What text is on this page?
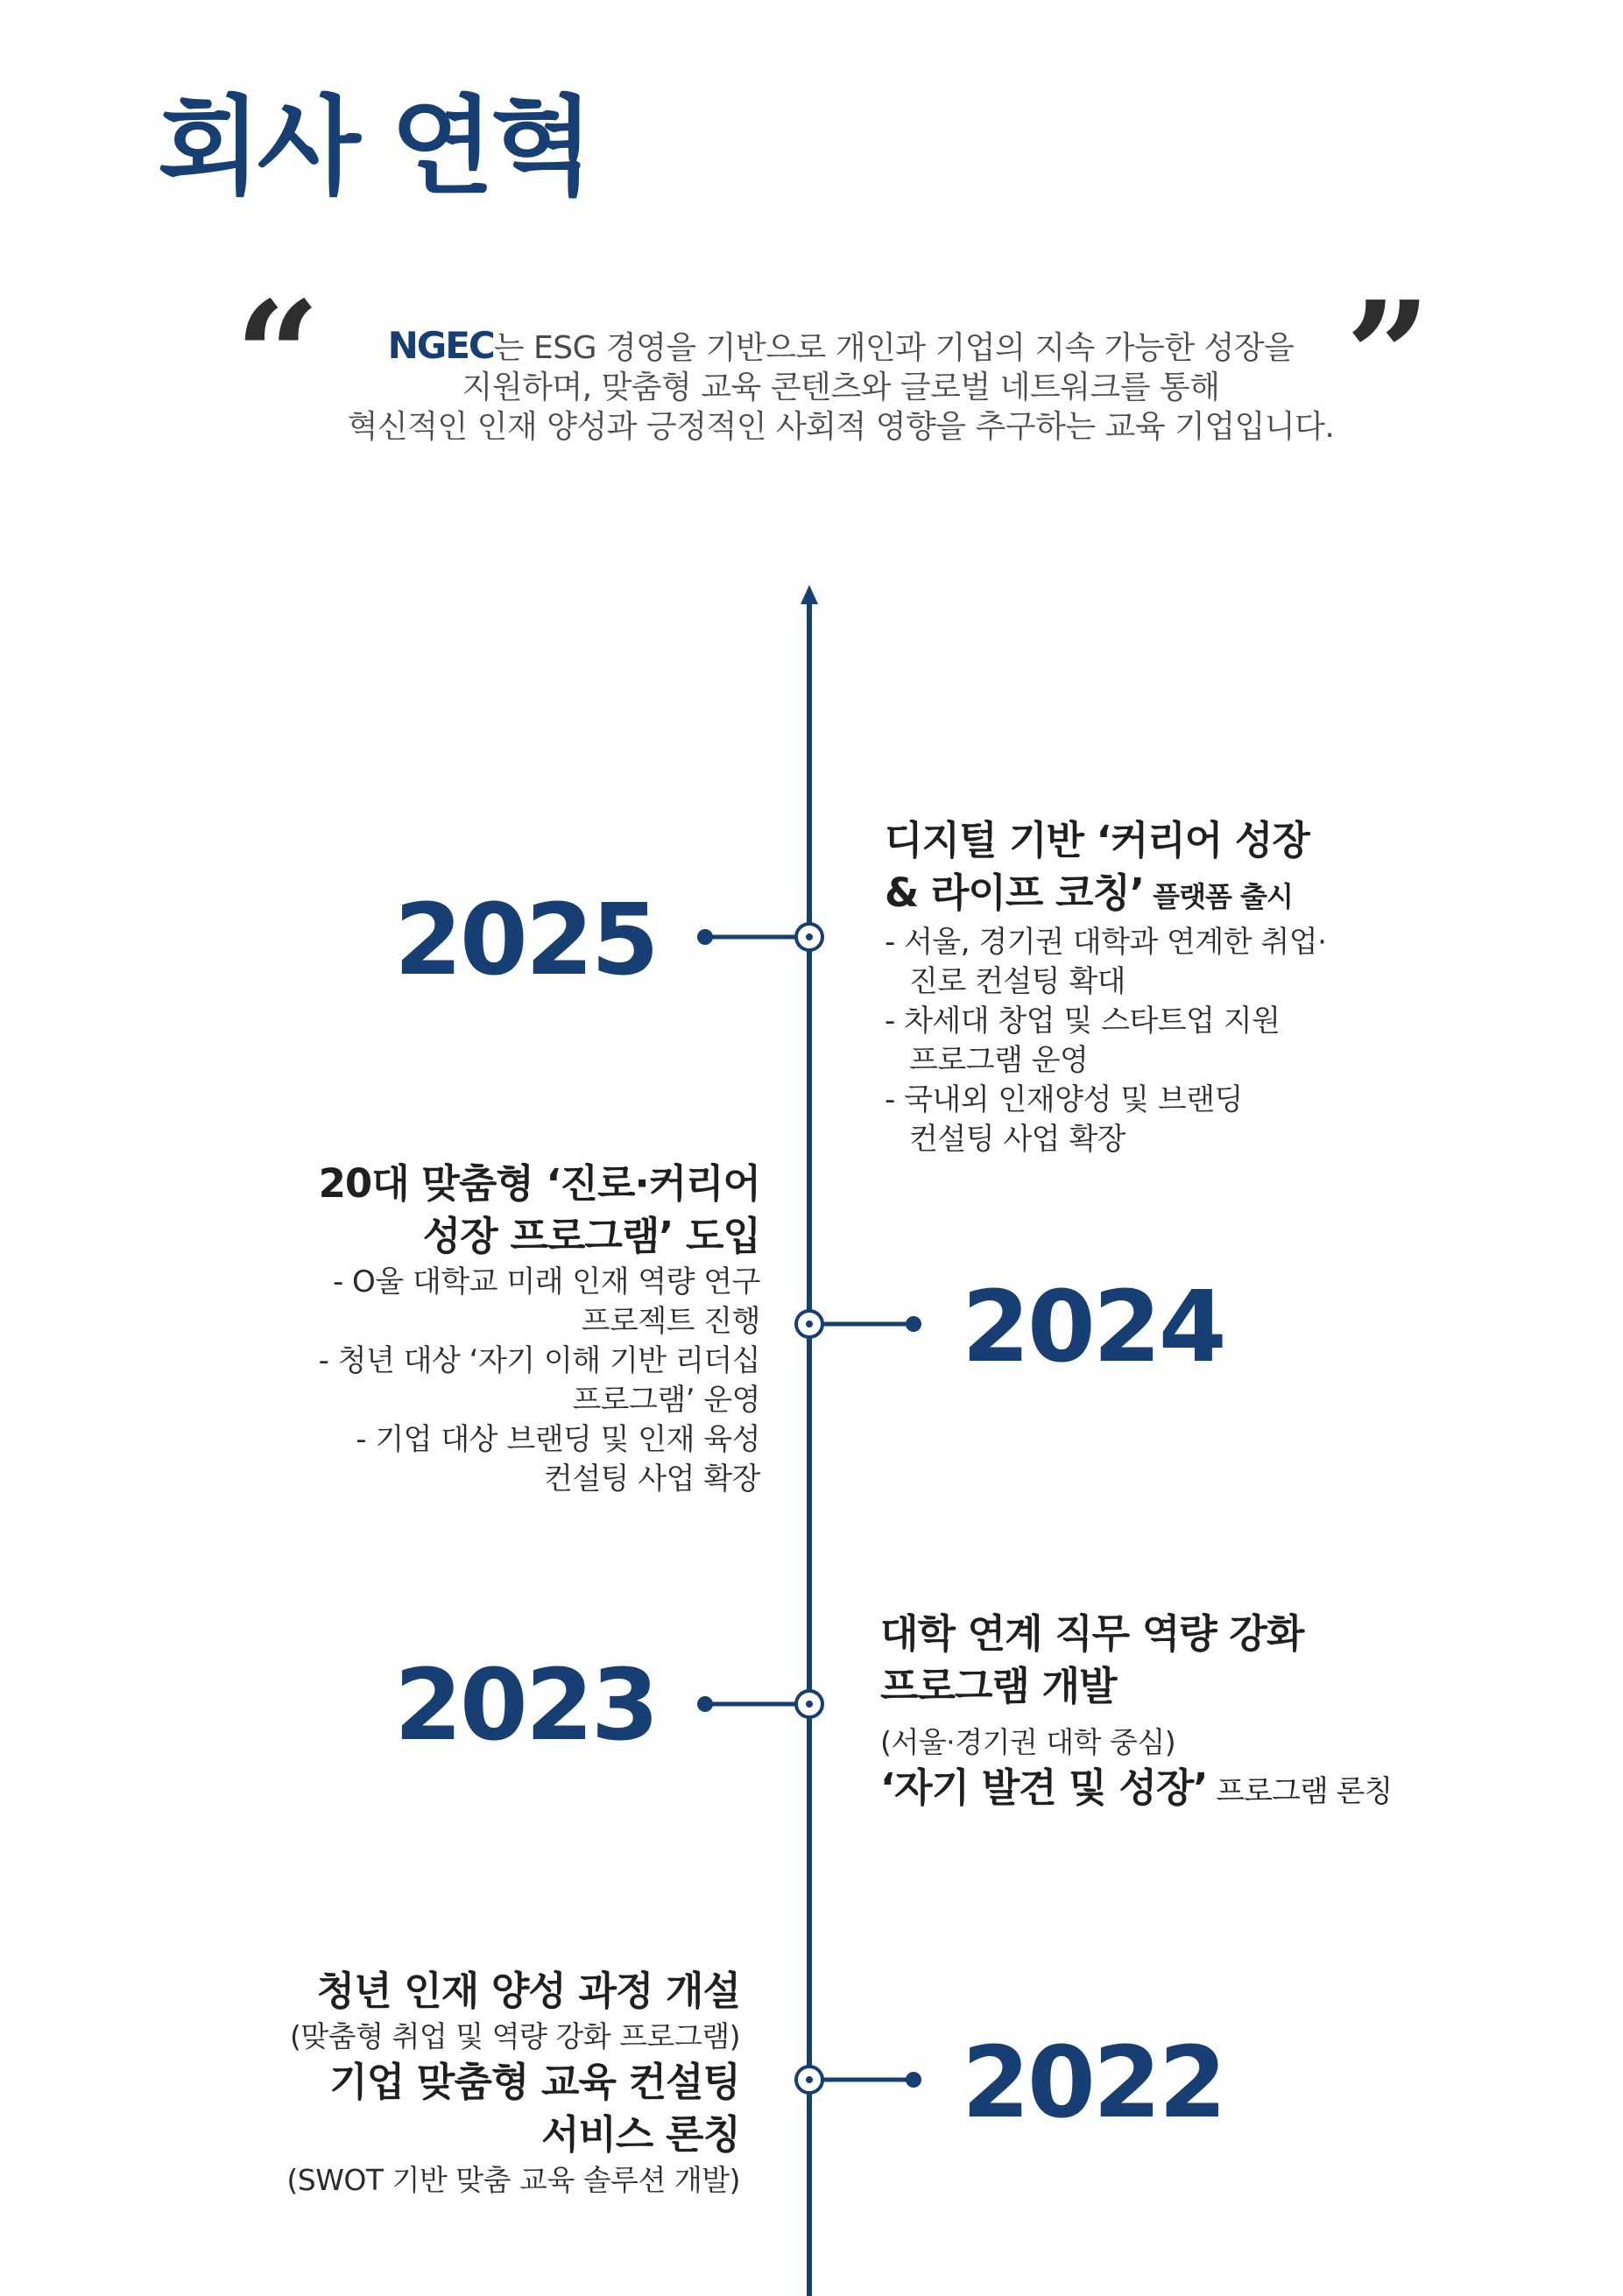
회사 연혁
“	”
NGEC는 ESG 경영을 기반으로 개인과 기업의 지속 가능한 성장을
지원하며, 맞춤형 교육 콘텐츠와 글로벌 네트워크를 통해
혁신적인 인재 양성과 긍정적인 사회적 영향을 추구하는 교육 기업입니다.
2025
디지털 기반 ‘커리어 성장
& 라이프 코칭’ 플랫폼 출시
- 서울, 경기권 대학과 연계한 취업·
진로 컨설팅 확대
- 차세대 창업 및 스타트업 지원
프로그램 운영
- 국내외 인재양성 및 브랜딩
컨설팅 사업 확장
20대 맞춤형 ‘진로·커리어
성장 프로그램’ 도입
- O울 대학교 미래 인재 역량 연구
프로젝트 진행
- 청년 대상 ‘자기 이해 기반 리더십
프로그램’ 운영
- 기업 대상 브랜딩 및 인재 육성
컨설팅 사업 확장
2024
2023
대학 연계 직무 역량 강화
프로그램 개발
(서울·경기권 대학 중심)
‘자기 발견 및 성장’ 프로그램 론칭
청년 인재 양성 과정 개설
(맞춤형 취업 및 역량 강화 프로그램)
기업 맞춤형 교육 컨설팅
서비스 론칭
(SWOT 기반 맞춤 교육 솔루션 개발)
2022
